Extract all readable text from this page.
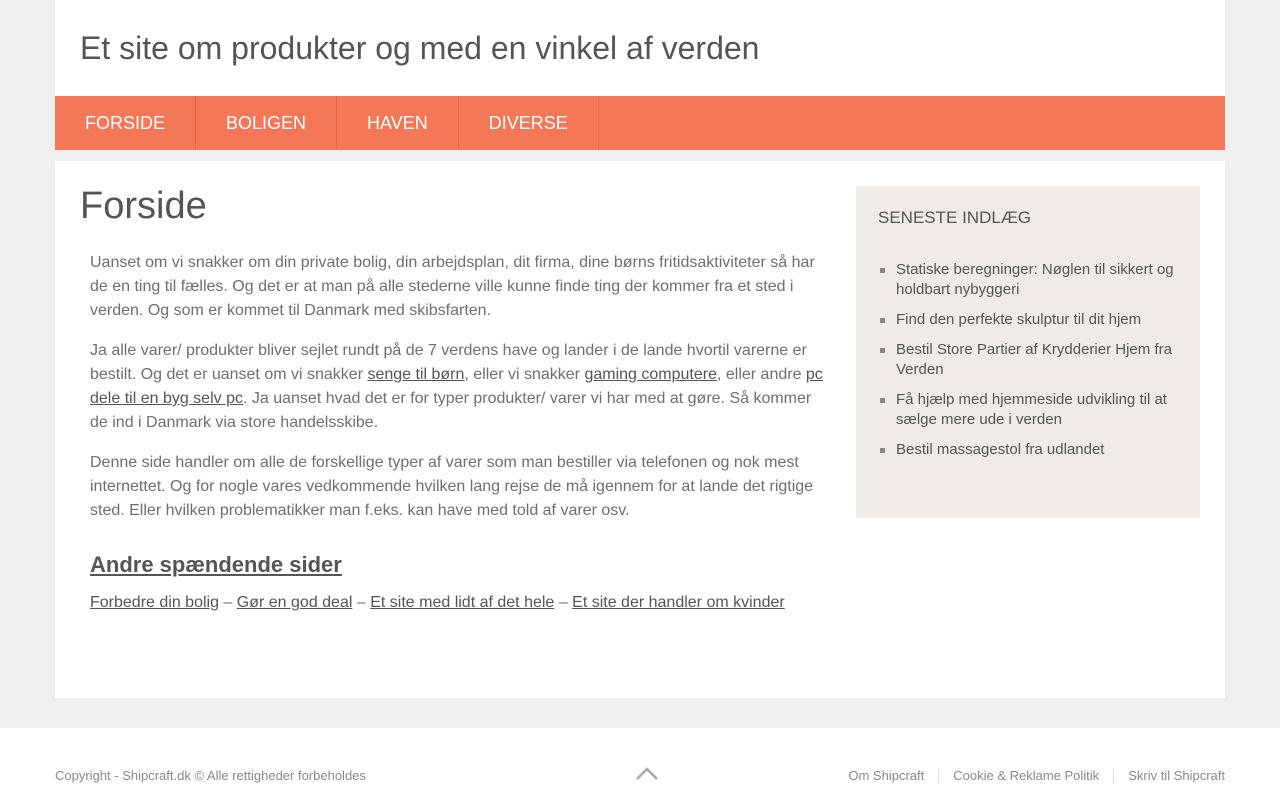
Et site om produkter og med en vinkel af verden
FORSIDE	BOLIGEN	HAVEN	DIVERSE
Forside

Uanset om vi snakker om din private bolig, din arbejdsplan, dit firma, dine børns fritidsaktiviteter så har de en ting til fælles. Og det er at man på alle stederne ville kunne finde ting der kommer fra et sted i verden. Og som er kommet til Danmark med skibsfarten.

Ja alle varer/ produkter bliver sejlet rundt på de 7 verdens have og lander i de lande hvortil varerne er bestilt. Og det er uanset om vi snakker senge til børn, eller vi snakker gaming computere, eller andre pc dele til en byg selv pc. Ja uanset hvad det er for typer produkter/ varer vi har med at gøre. Så kommer de ind i Danmark via store handelsskibe.

Denne side handler om alle de forskellige typer af varer som man bestiller via telefonen og nok mest internettet. Og for nogle vares vedkommende hvilken lang rejse de må igennem for at lande det rigtige sted. Eller hvilken problematikker man f.eks. kan have med told af varer osv.

Andre spændende sider
Forbedre din bolig – Gør en god deal – Et site med lidt af det hele – Et site der handler om kvinder
SENESTE INDLÆG
Statiske beregninger: Nøglen til sikkert og holdbart nybyggeri
Find den perfekte skulptur til dit hjem
Bestil Store Partier af Krydderier Hjem fra Verden
Få hjælp med hjemmeside udvikling til at sælge mere ude i verden
Bestil massagestol fra udlandet
Copyright - Shipcraft.dk © Alle rettigheder forbeholdes	Om Shipcraft	Cookie & Reklame Politik	Skriv til Shipcraft
